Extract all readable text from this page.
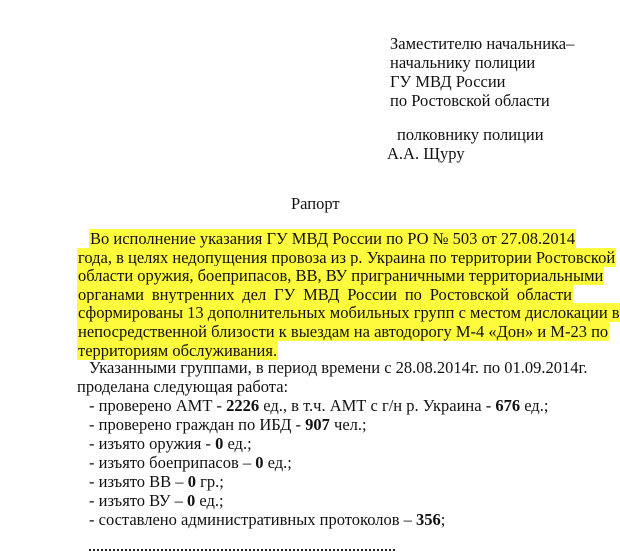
Заместителю начальника–
начальнику полиции
ГУ МВД России
по Ростовской области
полковнику полиции
А.А. Щуру
Рапорт
Во исполнение указания ГУ МВД России по РО № 503 от 27.08.2014
года, в целях недопущения провоза из р. Украина по территории Ростовской
области оружия, боеприпасов, ВВ, ВУ приграничными территориальными
органами внутренних дел ГУ МВД России по Ростовской области
сформированы 13 дополнительных мобильных групп с местом дислокации в
непосредственной близости к выездам на автодорогу М-4 «Дон» и М-23 по
территориям обслуживания.
Указанными группами, в период времени с 28.08.2014г. по 01.09.2014г.
проделана следующая работа:
- проверено АМТ - 2226 ед., в т.ч. АМТ с г/н р. Украина - 676 ед.;
- проверено граждан по ИБД - 907 чел.;
- изъято оружия - 0 ед.;
- изъято боеприпасов – 0 ед.;
- изъято ВВ – 0 гр.;
- изъято ВУ – 0 ед.;
- составлено административных протоколов – 356;
